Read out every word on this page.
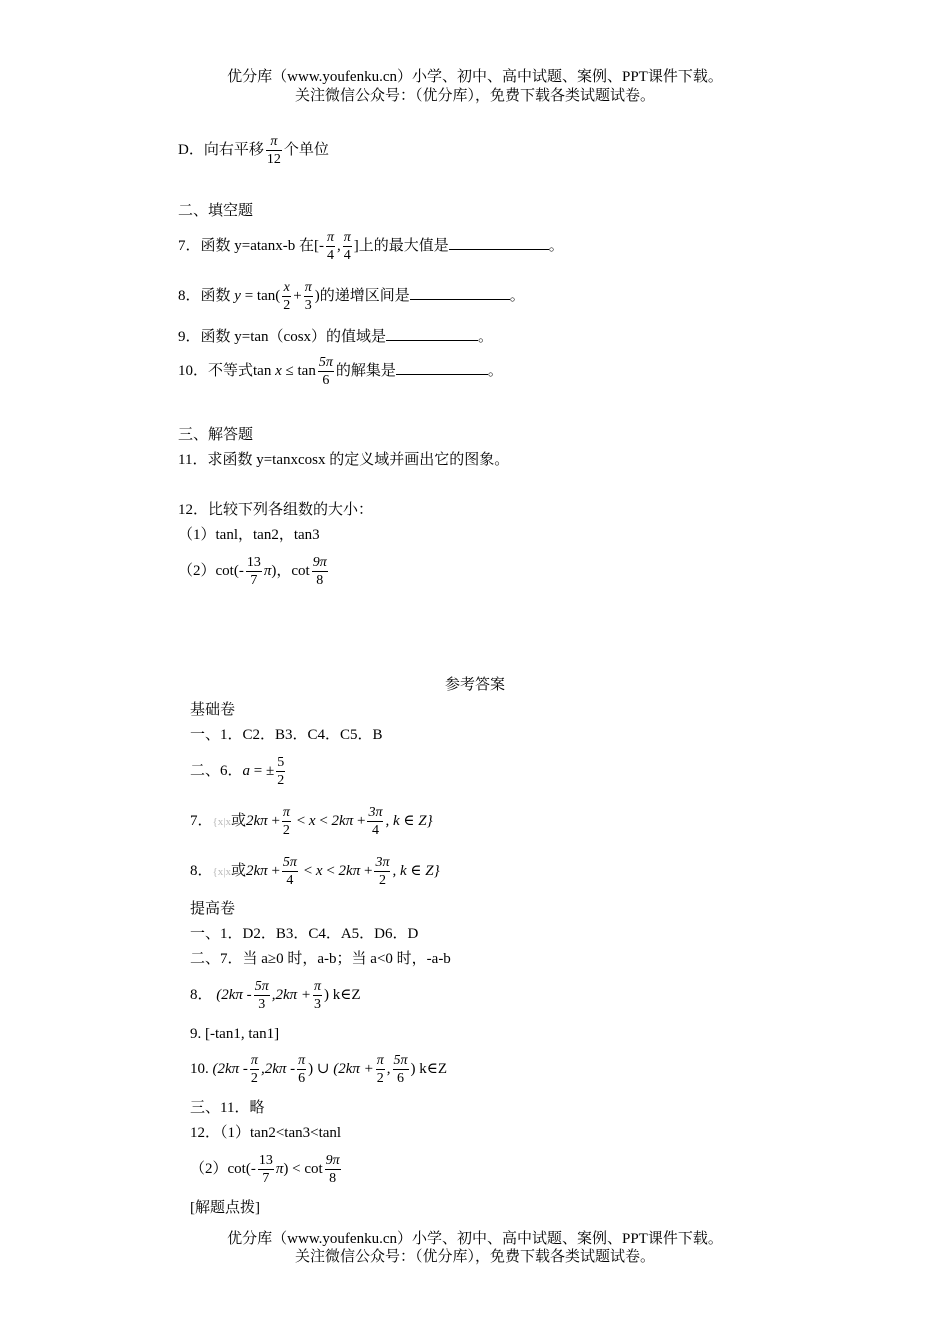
优分库（www.youfenku.cn）小学、初中、高中试题、案例、PPT课件下载。
关注微信公众号：（优分库），免费下载各类试题试卷。
D．向右平移 $\frac{\pi}{12}$ 个单位
二、填空题
7．函数 y=atanx-b 在[- $\frac{\pi}{4}$ , $\frac{\pi}{4}$ ]上的最大值是	。
8．函数 $y = \tan( \frac{x}{2} + \frac{\pi}{3}$ )的递增区间是	。
9．函数 y=tan（cosx）的值域是	。
10．不等式$\tan x \le \tan \frac{5\pi}{6}$ 的解集是	。
三、解答题
11．求函数 y=tanxcosx 的定义域并画出它的图象。
12．比较下列各组数的大小：
（1）tanl，tan2，tan3
$(2)\cot(- \frac{13}{7} \pi)$，$\cot \frac{9\pi}{8}$
参考答案
基础卷
一、1．C2．B3．C4．C5．B
二、6．a = ± $\frac{5}{2}$
7．{x|x或$2k\pi + \frac{\pi}{2} < x < 2k\pi + \frac{3\pi}{4}$ , k ∈ Z}
8．{x|x或$2k\pi + \frac{5\pi}{4} < x < 2k\pi + \frac{3\pi}{2}$ , k ∈ Z}
提高卷
一、1．D2．B3．C4．A5．D6．D
二、7．当 a≥0 时，a-b；当 a<0 时，-a-b
8． ($2k\pi - \frac{5\pi}{3} ,2k\pi + \frac{\pi}{3}$ ) k∈Z
9. [-tan1, tan1]
10. ($2k\pi - \frac{\pi}{2} ,2k\pi - \frac{\pi}{6}$ ) ∪ ($2k\pi + \frac{\pi}{2}$ , $\frac{5\pi}{6}$ ) k∈Z
三、11．略
12．（1）tan2<tan3<tanl
$(2)\cot(- \frac{13}{7} \pi) < \cot \frac{9\pi}{8}$
[解题点拨]
优分库（www.youfenku.cn）小学、初中、高中试题、案例、PPT课件下载。
关注微信公众号：（优分库），免费下载各类试题试卷。
